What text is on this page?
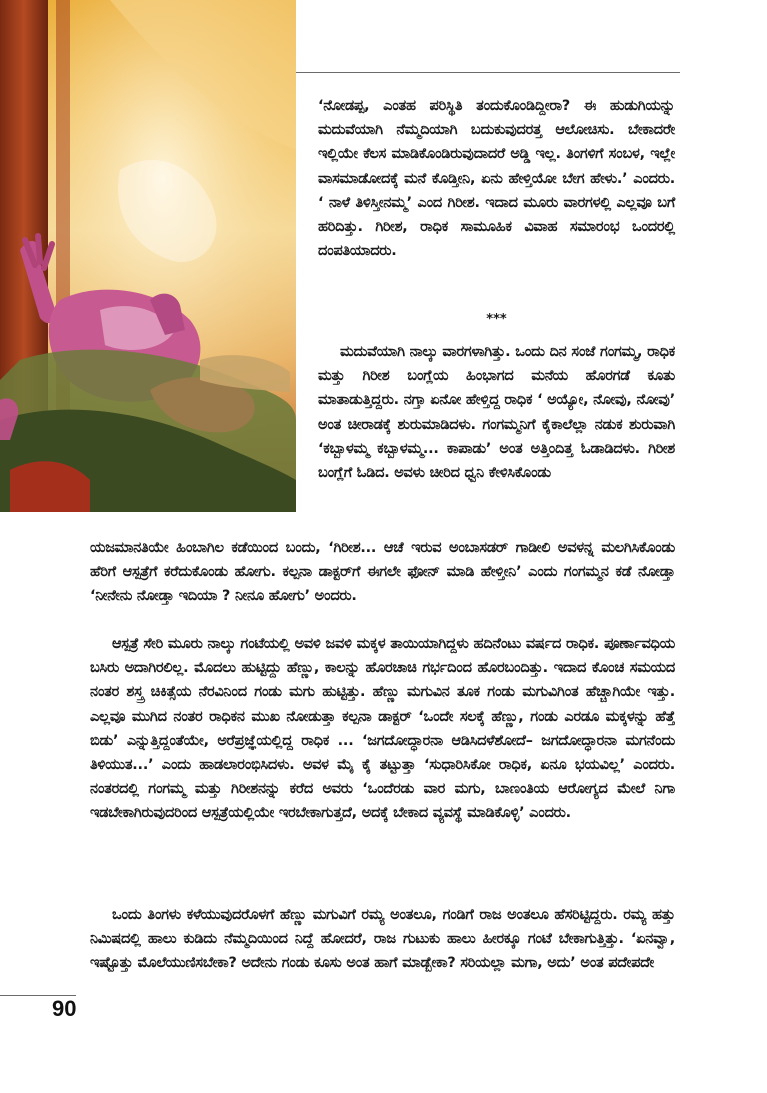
‘ನೋಡಪ್ಪ, ಎಂತಹ ಪರಿಸ್ಥಿತಿ ತಂದುಕೊಂಡಿದ್ದೀರಾ? ಈ ಹುಡುಗಿಯನ್ನು ಮದುವೆಯಾಗಿ ನೆಮ್ಮದಿಯಾಗಿ ಬದುಕುವುದರತ್ತ ಆಲೋಚಿಸು. ಬೇಕಾದರೇ ಇಲ್ಲಿಯೇ ಕೆಲಸ ಮಾಡಿಕೊಂಡಿರುವುದಾದರೆ ಅಡ್ಡಿ ಇಲ್ಲ. ತಿಂಗಳಿಗೆ ಸಂಬಳ, ಇಲ್ಲೇ ವಾಸಮಾಡೋದಕ್ಕೆ ಮನೆ ಕೊಡ್ತೀನಿ, ಏನು ಹೇಳ್ತಿಯೋ ಬೇಗ ಹೇಳು.’ ಎಂದರು. ‘ ನಾಳೆ ತಿಳಿಸ್ತೀನಮ್ಮ’ ಎಂದ ಗಿರೀಶ. ಇದಾದ ಮೂರು ವಾರಗಳಲ್ಲಿ ಎಲ್ಲವೂ ಬಗೆ ಹರಿದಿತ್ತು. ಗಿರೀಶ, ರಾಧಿಕ ಸಾಮೂಹಿಕ ವಿವಾಹ ಸಮಾರಂಭ ಒಂದರಲ್ಲಿ ದಂಪತಿಯಾದರು.

***

ಮದುವೆಯಾಗಿ ನಾಲ್ಕು ವಾರಗಳಾಗಿತ್ತು. ಒಂದು ದಿನ ಸಂಜೆ ಗಂಗಮ್ಮ, ರಾಧಿಕ ಮತ್ತು ಗಿರೀಶ ಬಂಗ್ಲೆಯ ಹಿಂಭಾಗದ ಮನೆಯ ಹೊರಗಡೆ ಕೂತು ಮಾತಾಡುತ್ತಿದ್ದರು. ನಗ್ತಾ ಏನೋ ಹೇಳ್ತಿದ್ದ ರಾಧಿಕ ‘ ಅಯ್ಯೋ, ನೋವು, ನೋವು’ ಅಂತ ಚೀರಾಡಕ್ಕೆ ಶುರುಮಾಡಿದಳು. ಗಂಗಮ್ಮನಿಗೆ ಕೈಕಾಲೆಲ್ಲಾ ನಡುಕ ಶುರುವಾಗಿ ‘ಕಬ್ಬಾಳಮ್ಮ ಕಬ್ಬಾಳಮ್ಮ... ಕಾಪಾಡು’ ಅಂತ ಅತ್ತಿಂದಿತ್ತ ಓಡಾಡಿದಳು. ಗಿರೀಶ ಬಂಗ್ಲೆಗೆ ಓಡಿದ. ಅವಳು ಚೀರಿದ ಧ್ವನಿ ಕೇಳಿಸಿಕೊಂಡು

ಯಜಮಾನತಿಯೇ ಹಿಂಬಾಗಿಲ ಕಡೆಯಿಂದ ಬಂದು, ‘ಗಿರೀಶ... ಆಚೆ ಇರುವ ಅಂಬಾಸಡರ್ ಗಾಡೀಲಿ ಅವಳನ್ನ ಮಲಗಿಸಿಕೊಂಡು ಹೆರಿಗೆ ಆಸ್ಪತ್ರೆಗೆ ಕರೆದುಕೊಂಡು ಹೋಗು. ಕಲ್ಪನಾ ಡಾಕ್ಟರ್‌ಗೆ ಈಗಲೇ ಫೋನ್ ಮಾಡಿ ಹೇಳ್ತೀನಿ’ ಎಂದು ಗಂಗಮ್ಮನ ಕಡೆ ನೋಡ್ತಾ ‘ನೀನೇನು ನೋಡ್ತಾ ಇದಿಯಾ ? ನೀನೂ ಹೋಗು’ ಅಂದರು.

ಆಸ್ಪತ್ರೆ ಸೇರಿ ಮೂರು ನಾಲ್ಕು ಗಂಟೆಯಲ್ಲಿ ಅವಳಿ ಜವಳಿ ಮಕ್ಕಳ ತಾಯಿಯಾಗಿದ್ದಳು ಹದಿನೆಂಟು ವರ್ಷದ ರಾಧಿಕ. ಪೂರ್ಣಾವಧಿಯ ಬಸಿರು ಅದಾಗಿರಲಿಲ್ಲ. ಮೊದಲು ಹುಟ್ಟಿದ್ದು ಹೆಣ್ಣು, ಕಾಲನ್ನು ಹೊರಚಾಚಿ ಗರ್ಭದಿಂದ ಹೊರಬಂದಿತ್ತು. ಇದಾದ ಕೊಂಚ ಸಮಯದ ನಂತರ ಶಸ್ತ್ರ ಚಿಕಿತ್ಸೆಯ ನೆರವಿನಿಂದ ಗಂಡು ಮಗು ಹುಟ್ಟಿತ್ತು. ಹೆಣ್ಣು ಮಗುವಿನ ತೂಕ ಗಂಡು ಮಗುವಿಗಿಂತ ಹೆಚ್ಚಾಗಿಯೇ ಇತ್ತು. ಎಲ್ಲವೂ ಮುಗಿದ ನಂತರ ರಾಧಿಕನ ಮುಖ ನೋಡುತ್ತಾ ಕಲ್ಪನಾ ಡಾಕ್ಟರ್ ‘ಒಂದೇ ಸಲಕ್ಕೆ ಹೆಣ್ಣು, ಗಂಡು ಎರಡೂ ಮಕ್ಕಳನ್ನು ಹೆತ್ತೆ ಬಿಡು’ ಎನ್ನುತ್ತಿದ್ದಂತೆಯೇ, ಅರೆಪ್ರಜ್ಞೆಯಲ್ಲಿದ್ದ ರಾಧಿಕ ... ‘ಜಗದೋದ್ಧಾರನಾ ಆಡಿಸಿದಳೆಶೋದೆ– ಜಗದೋದ್ಧಾರನಾ ಮಗನೆಂದು ತಿಳಿಯುತ...’ ಎಂದು ಹಾಡಲಾರಂಭಿಸಿದಳು. ಅವಳ ಮೈ ಕೈ ತಟ್ಟುತ್ತಾ ‘ಸುಧಾರಿಸಿಕೋ ರಾಧಿಕ, ಏನೂ ಭಯವಿಲ್ಲ’ ಎಂದರು. ನಂತರದಲ್ಲಿ ಗಂಗಮ್ಮ ಮತ್ತು ಗಿರೀಶನನ್ನು ಕರೆದ ಅವರು ‘ಒಂದೆರಡು ವಾರ ಮಗು, ಬಾಣಂತಿಯ ಆರೋಗ್ಯದ ಮೇಲೆ ನಿಗಾ ಇಡಬೇಕಾಗಿರುವುದರಿಂದ ಆಸ್ಪತ್ರೆಯಲ್ಲಿಯೇ ಇರಬೇಕಾಗುತ್ತದೆ, ಅದಕ್ಕೆ ಬೇಕಾದ ವ್ಯವಸ್ಥೆ ಮಾಡಿಕೊಳ್ಳಿ’ ಎಂದರು.

ಒಂದು ತಿಂಗಳು ಕಳೆಯುವುದರೊಳಗೆ ಹೆಣ್ಣು ಮಗುವಿಗೆ ರಮ್ಯ ಅಂತಲೂ, ಗಂಡಿಗೆ ರಾಜ ಅಂತಲೂ ಹೆಸರಿಟ್ಟಿದ್ದರು. ರಮ್ಯ ಹತ್ತು ನಿಮಿಷದಲ್ಲಿ ಹಾಲು ಕುಡಿದು ನೆಮ್ಮದಿಯಿಂದ ನಿದ್ದೆ ಹೋದರೆ, ರಾಜ ಗುಟುಕು ಹಾಲು ಹೀರಕ್ಕೂ ಗಂಟೆ ಬೇಕಾಗುತ್ತಿತ್ತು. ‘ಏನವ್ವಾ, ಇಷ್ಟೊತ್ತು ಮೊಲೆಯುಣಿಸಬೇಕಾ? ಅದೇನು ಗಂಡು ಕೂಸು ಅಂತ ಹಾಗೆ ಮಾಡ್ಬೇಕಾ? ಸರಿಯಲ್ಲಾ ಮಗಾ, ಅದು’ ಅಂತ ಪದೇಪದೇ

90
